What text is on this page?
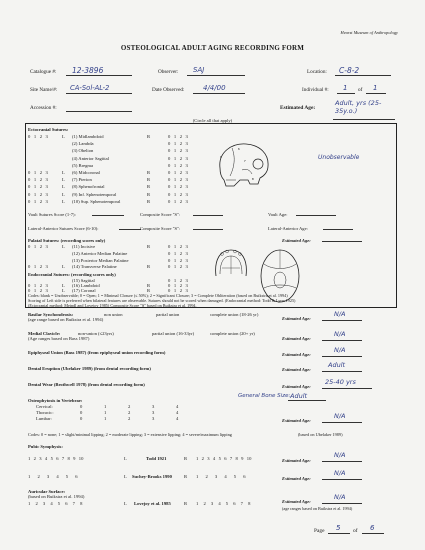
Hearst Museum of Anthropology
OSTEOLOGICAL ADULT AGING RECORDING FORM
Catalogue #: 12-3896	Observer: SAJ	Location: C-8-2
Site Name/#: CA-Sol-AL-2	Date Observed:	4/4/00	Individual #: 1 of 1
Accession #:	Estimated Age:
Adult, yrs (25-35y.o.)
(Circle all that apply)
Ectocranial Sutures:
0 1 2 3	L (1) Midlambdoid	R	0 1 2 3
(2) Lambda	0 1 2 3
(3) Obelion	0 1 2 3
(4) Anterior Sagittal	0 1 2 3
(5) Bregma	0 1 2 3
0 1 2 3	L (6) Midcoronal	R	0 1 2 3
0 1 2 3	L (7) Pterion	R	0 1 2 3
0 1 2 3	L (8) Sphenofrontal	R	0 1 2 3
0 1 2 3	L (9) Inf. Sphenotemporal	R	0 1 2 3
0 1 2 3	L (10) Sup. Sphenotemporal	R	0 1 2 3
1
6
7
8
Unobservable
Vault Sutures Score (1-7):	Composite Score "S":	Vault Age:
Lateral-Anterior Sutures Score (6-10):	Composite Score "S":	Lateral-Anterior Age:
Palatal Sutures: (recording scores only)	Estimated Age:
0 1 2 3	L (11) Incisive	R	0 1 2 3
(12) Anterior Median Palatine	0 1 2 3
(13) Posterior Median Palatine	0 1 2 3
0 1 2 3	L (14) Transverse Palatine	R	0 1 2 3
Endocranial Sutures: (recording scores only)
(15) Sagittal	0 1 2 3
0 1 2 3	L (16) Lambdoid	R	0 1 2 3
0 1 2 3	L (17) Coronal	R	0 1 2 3
Codes: blank = Unobservable; 0 = Open; 1 = Minimal Closure (≤ 50%); 2 = Significant Closure; 3 = Complete Obliteration (based on Buikstra et al. 1994)
Scoring of Left side is preferred when bilateral features are observable. Sutures should not be scored when damaged. (Endocranial method: Todd & Lyon 1925)
(Ectocranial method: Meindl and Lovejoy 1985) Composite Score "S" based on Buikstra et al. 1994.
Basilar Synchondrosis:
(age range based on Buikstra et al. 1994)
non union	partial union	complete union (18-26 yr)
Estimated Age:
N/A
Medial Clavicle:
(Age ranges based on Bass 1987)
non-union (≤23yrs)	partial union (16-33yr)	complete union (20+ yr)
Estimated Age:
N/A
Epiphyseal Union (Bass 1987) (from epiphyseal union recording form)	Estimated Age:
N/A
Dental Eruption (Ubelaker 1989) (from dental recording form)	Estimated Age:
Adult
Dental Wear (Brothwell 1978) (from dental recording form)	Estimated Age:
25-40 yrs
Osteophytosis in Vertebrae:
General Bone Size: Adult
Cervical:	0	1	2	3	4
Thoracic:	0	1	2	3	4
Lumbar:	0	1	2	3	4	Estimated Age:
N/A
Codes: 0 = none; 1 = slight/minimal lipping; 2 = moderate lipping; 3 = extensive lipping; 4 = severe/maximum lipping	(based on Ubelaker 1989)
Pubic Symphysis:
1 2 3 4 5 6 7 8 9 10	L	Todd 1921	R 1 2 3 4 5 6 7 8 9 10	Estimated Age:
N/A
1 2 3 4 5 6	L Suchey-Brooks 1990	R 1 2 3 4 5 6	Estimated Age:
N/A
Auricular Surface:
(based on Buikstra et al. 1994)
1 2 3 4 5 6 7 8	L Lovejoy et al. 1985	R 1 2 3 4 5 6 7 8	Estimated Age:
N/A
(age ranges based on Buikstra et al. 1994)
Page 5 of 6
